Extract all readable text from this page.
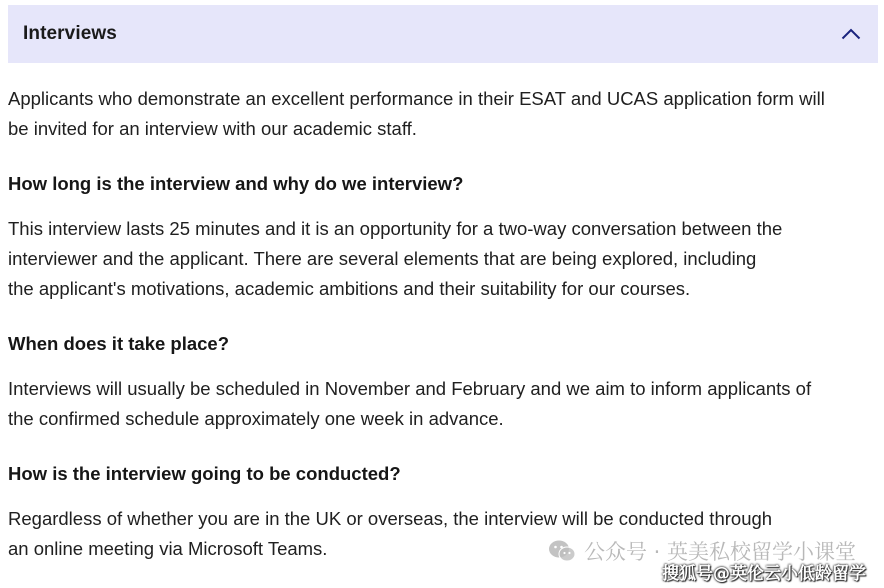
Interviews

Applicants who demonstrate an excellent performance in their ESAT and UCAS application form will
be invited for an interview with our academic staff.

How long is the interview and why do we interview?

This interview lasts 25 minutes and it is an opportunity for a two-way conversation between the
interviewer and the applicant. There are several elements that are being explored, including
the applicant's motivations, academic ambitions and their suitability for our courses.

When does it take place?

Interviews will usually be scheduled in November and February and we aim to inform applicants of
the confirmed schedule approximately one week in advance.

How is the interview going to be conducted?

Regardless of whether you are in the UK or overseas, the interview will be conducted through
an online meeting via Microsoft Teams.	公众号 · 英美私校留学小课堂
搜狐号@英伦云小低龄留学
